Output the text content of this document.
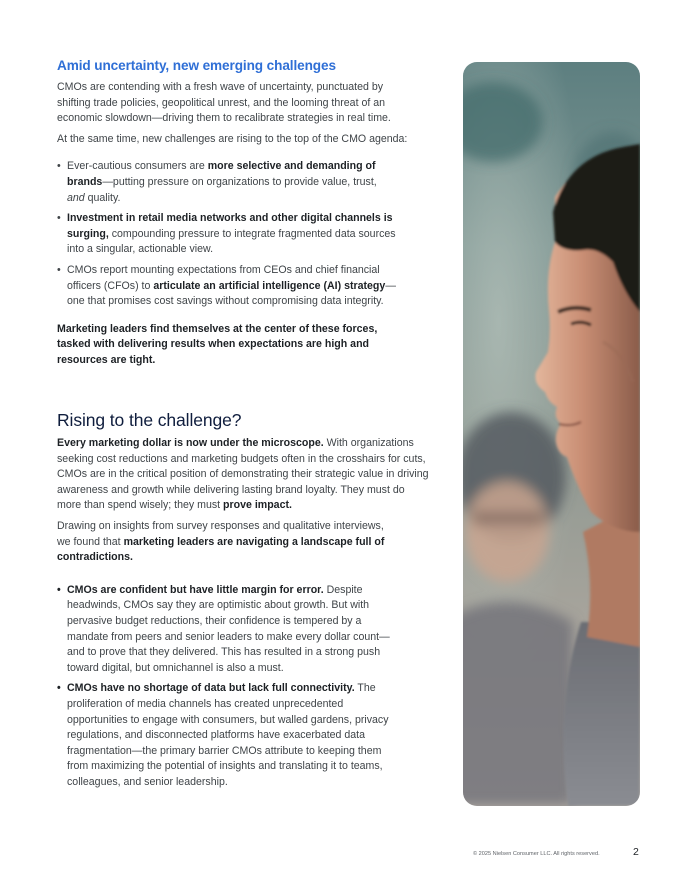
Amid uncertainty, new emerging challenges

CMOs are contending with a fresh wave of uncertainty, punctuated by shifting trade policies, geopolitical unrest, and the looming threat of an economic slowdown—driving them to recalibrate strategies in real time.

At the same time, new challenges are rising to the top of the CMO agenda:

• Ever-cautious consumers are more selective and demanding of brands—putting pressure on organizations to provide value, trust, and quality.
• Investment in retail media networks and other digital channels is surging, compounding pressure to integrate fragmented data sources into a singular, actionable view.
• CMOs report mounting expectations from CEOs and chief financial officers (CFOs) to articulate an artificial intelligence (AI) strategy— one that promises cost savings without compromising data integrity.

Marketing leaders find themselves at the center of these forces, tasked with delivering results when expectations are high and resources are tight.

Rising to the challenge?

Every marketing dollar is now under the microscope. With organizations seeking cost reductions and marketing budgets often in the crosshairs for cuts, CMOs are in the critical position of demonstrating their strategic value in driving awareness and growth while delivering lasting brand loyalty. They must do more than spend wisely; they must prove impact.

Drawing on insights from survey responses and qualitative interviews, we found that marketing leaders are navigating a landscape full of contradictions.

• CMOs are confident but have little margin for error. Despite headwinds, CMOs say they are optimistic about growth. But with pervasive budget reductions, their confidence is tempered by a mandate from peers and senior leaders to make every dollar count— and to prove that they delivered. This has resulted in a strong push toward digital, but omnichannel is also a must.
• CMOs have no shortage of data but lack full connectivity. The proliferation of media channels has created unprecedented opportunities to engage with consumers, but walled gardens, privacy regulations, and disconnected platforms have exacerbated data fragmentation—the primary barrier CMOs attribute to keeping them from maximizing the potential of insights and translating it to teams, colleagues, and senior leadership.
© 2025 Nielsen Consumer LLC. All rights reserved.	2
